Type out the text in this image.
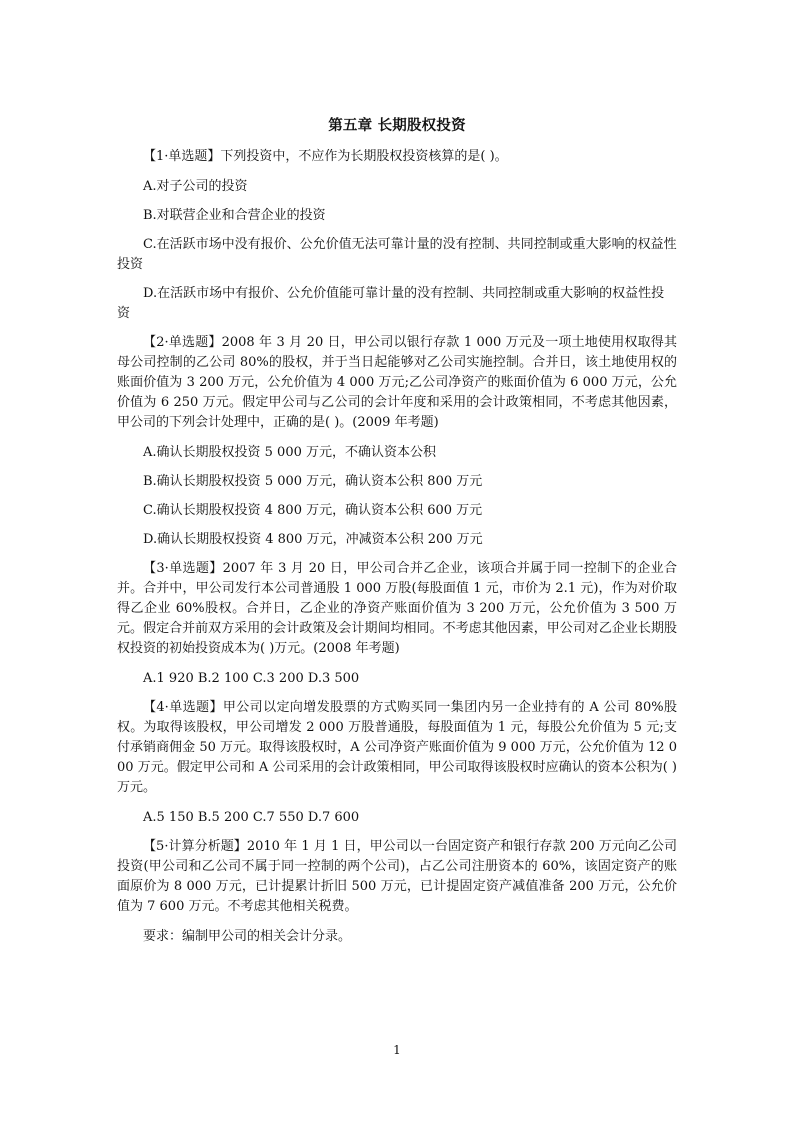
第五章 长期股权投资

【1·单选题】下列投资中，不应作为长期股权投资核算的是( )。

A.对子公司的投资

B.对联营企业和合营企业的投资

C.在活跃市场中没有报价、公允价值无法可靠计量的没有控制、共同控制或重大影响的权益性投资

D.在活跃市场中有报价、公允价值能可靠计量的没有控制、共同控制或重大影响的权益性投资

【2·单选题】2008 年 3 月 20 日，甲公司以银行存款 1 000 万元及一项土地使用权取得其母公司控制的乙公司 80%的股权，并于当日起能够对乙公司实施控制。合并日，该土地使用权的账面价值为 3 200 万元，公允价值为 4 000 万元;乙公司净资产的账面价值为 6 000 万元，公允价值为 6 250 万元。假定甲公司与乙公司的会计年度和采用的会计政策相同，不考虑其他因素，甲公司的下列会计处理中，正确的是( )。(2009 年考题)

A.确认长期股权投资 5 000 万元，不确认资本公积

B.确认长期股权投资 5 000 万元，确认资本公积 800 万元

C.确认长期股权投资 4 800 万元，确认资本公积 600 万元

D.确认长期股权投资 4 800 万元，冲减资本公积 200 万元

【3·单选题】2007 年 3 月 20 日，甲公司合并乙企业，该项合并属于同一控制下的企业合并。合并中，甲公司发行本公司普通股 1 000 万股(每股面值 1 元，市价为 2.1 元)，作为对价取得乙企业 60%股权。合并日，乙企业的净资产账面价值为 3 200 万元，公允价值为 3 500 万元。假定合并前双方采用的会计政策及会计期间均相同。不考虑其他因素，甲公司对乙企业长期股权投资的初始投资成本为( )万元。(2008 年考题)

A.1 920 B.2 100 C.3 200 D.3 500

【4·单选题】甲公司以定向增发股票的方式购买同一集团内另一企业持有的 A 公司 80%股权。为取得该股权，甲公司增发 2 000 万股普通股，每股面值为 1 元，每股公允价值为 5 元;支付承销商佣金 50 万元。取得该股权时，A 公司净资产账面价值为 9 000 万元，公允价值为 12 000 万元。假定甲公司和 A 公司采用的会计政策相同，甲公司取得该股权时应确认的资本公积为( )万元。

A.5 150 B.5 200 C.7 550 D.7 600

【5·计算分析题】2010 年 1 月 1 日，甲公司以一台固定资产和银行存款 200 万元向乙公司投资(甲公司和乙公司不属于同一控制的两个公司)，占乙公司注册资本的 60%，该固定资产的账面原价为 8 000 万元，已计提累计折旧 500 万元，已计提固定资产减值准备 200 万元，公允价值为 7 600 万元。不考虑其他相关税费。

要求：编制甲公司的相关会计分录。

1
